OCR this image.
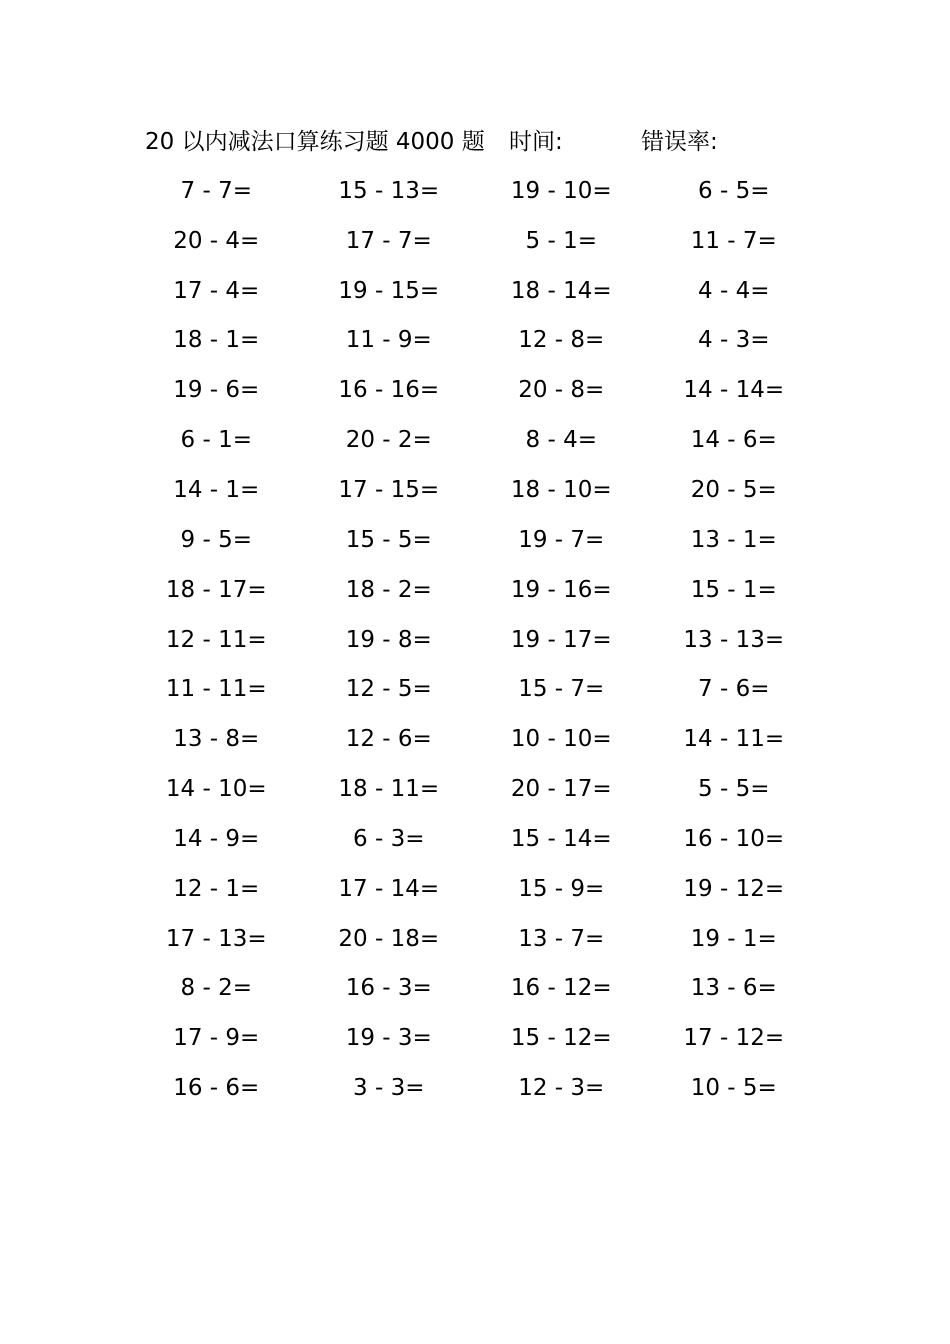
20 以内减法口算练习题 4000 题 时间:	错误率:
7 - 7=	15 - 13=	19 - 10=	6 - 5=
20 - 4=	17 - 7=	5 - 1=	11 - 7=
17 - 4=	19 - 15=	18 - 14=	4 - 4=
18 - 1=	11 - 9=	12 - 8=	4 - 3=
19 - 6=	16 - 16=	20 - 8=	14 - 14=
6 - 1=	20 - 2=	8 - 4=	14 - 6=
14 - 1=	17 - 15=	18 - 10=	20 - 5=
9 - 5=	15 - 5=	19 - 7=	13 - 1=
18 - 17=	18 - 2=	19 - 16=	15 - 1=
12 - 11=	19 - 8=	19 - 17=	13 - 13=
11 - 11=	12 - 5=	15 - 7=	7 - 6=
13 - 8=	12 - 6=	10 - 10=	14 - 11=
14 - 10=	18 - 11=	20 - 17=	5 - 5=
14 - 9=	6 - 3=	15 - 14=	16 - 10=
12 - 1=	17 - 14=	15 - 9=	19 - 12=
17 - 13=	20 - 18=	13 - 7=	19 - 1=
8 - 2=	16 - 3=	16 - 12=	13 - 6=
17 - 9=	19 - 3=	15 - 12=	17 - 12=
16 - 6=	3 - 3=	12 - 3=	10 - 5=
